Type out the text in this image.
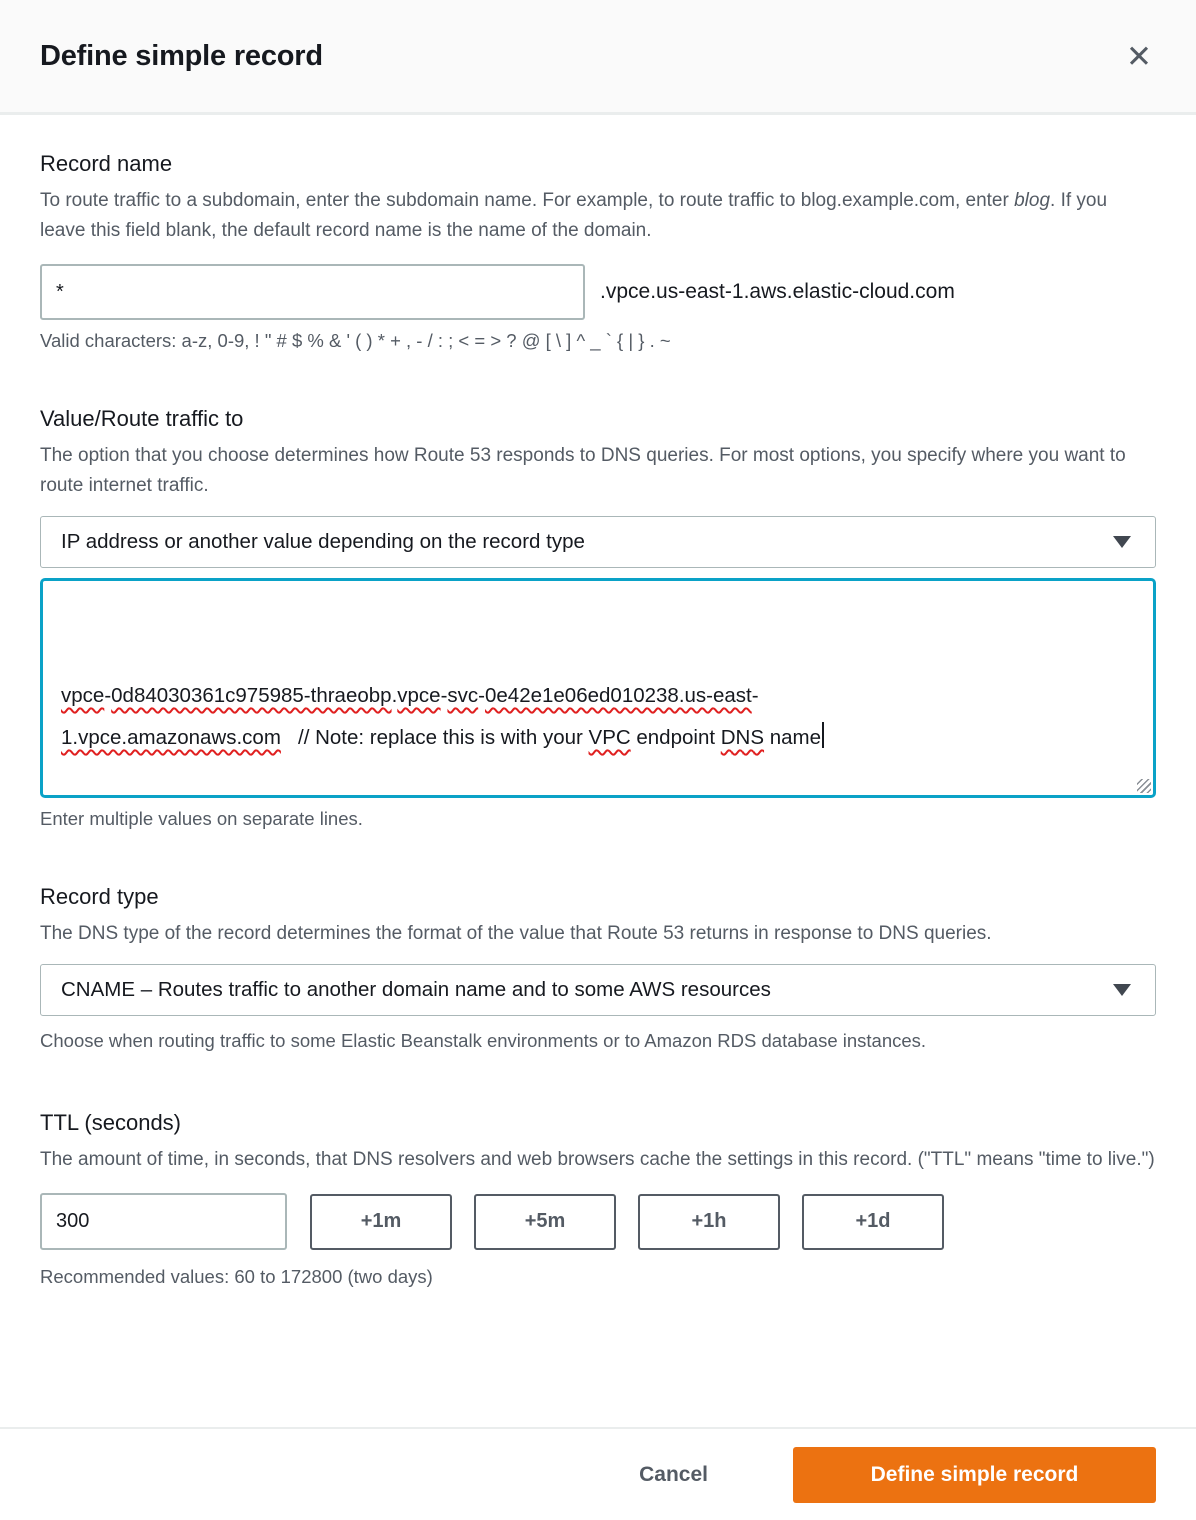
Define simple record	✕
Record name
To route traffic to a subdomain, enter the subdomain name. For example, to route traffic to blog.example.com, enter blog. If you leave this field blank, the default record name is the name of the domain.
*
.vpce.us-east-1.aws.elastic-cloud.com
Valid characters: a-z, 0-9, ! " # $ % & ' ( ) * + , - / : ; < = > ? @ [ \ ] ^ _ ` { | } . ~
Value/Route traffic to
The option that you choose determines how Route 53 responds to DNS queries. For most options, you specify where you want to route internet traffic.
IP address or another value depending on the record type

vpce-0d84030361c975985-thraeobp.vpce-svc-0e42e1e06ed010238.us-east-
1.vpce.amazonaws.com   // Note: replace this is with your VPC endpoint DNS name

Enter multiple values on separate lines.
Record type
The DNS type of the record determines the format of the value that Route 53 returns in response to DNS queries.
CNAME – Routes traffic to another domain name and to some AWS resources
Choose when routing traffic to some Elastic Beanstalk environments or to Amazon RDS database instances.
TTL (seconds)
The amount of time, in seconds, that DNS resolvers and web browsers cache the settings in this record. ("TTL" means "time to live.")
300
+1m	+5m	+1h	+1d
Recommended values: 60 to 172800 (two days)
Cancel	Define simple record
